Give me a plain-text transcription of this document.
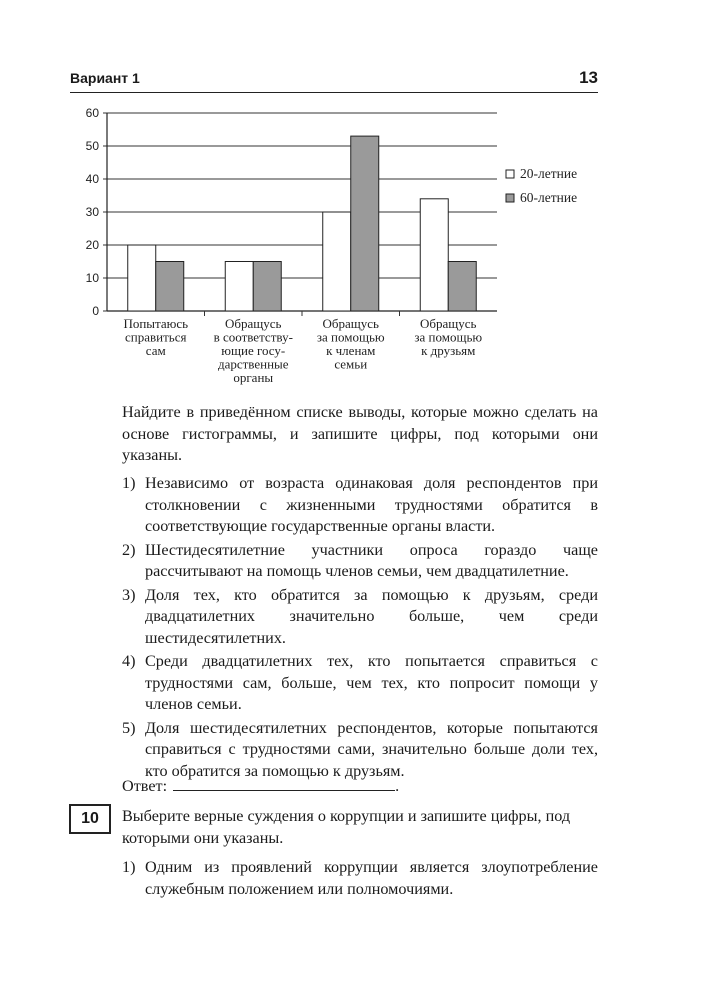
Вариант 1	13
0
10
20
30
40
50
60
Попытаюсь справиться сам
Обращусь в соответству-ющие госу-дарственные органы
Обращусь за помощью к членам семьи
Обращусь за помощью к друзьям
20-летние
60-летние
Найдите в приведённом списке выводы, которые можно сделать на основе гистограммы, и запишите цифры, под которыми они указаны.
1) Независимо от возраста одинаковая доля респондентов при столкновении с жизненными трудностями обратится в соответствующие государственные органы власти.
2) Шестидесятилетние участники опроса гораздо чаще рассчитывают на помощь членов семьи, чем двадцатилетние.
3) Доля тех, кто обратится за помощью к друзьям, среди двадцатилетних значительно больше, чем среди шестидесятилетних.
4) Среди двадцатилетних тех, кто попытается справиться с трудностями сам, больше, чем тех, кто попросит помощи у членов семьи.
5) Доля шестидесятилетних респондентов, которые попытаются справиться с трудностями сами, значительно больше доли тех, кто обратится за помощью к друзьям.
Ответ:	.
10	Выберите верные суждения о коррупции и запишите цифры, под которыми они указаны.
1) Одним из проявлений коррупции является злоупотребление служебным положением или полномочиями.
